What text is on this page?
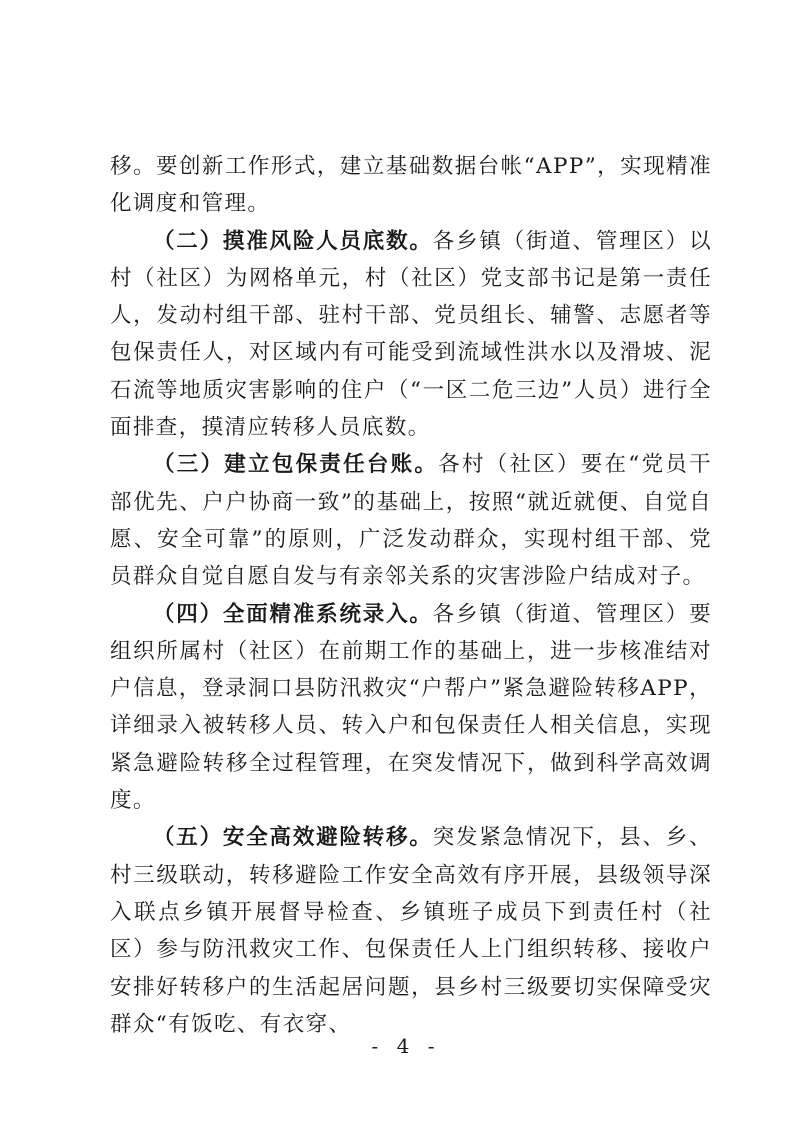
移。要创新工作形式，建立基础数据台帐“APP”，实现精准化调度和管理。

（二）摸准风险人员底数。各乡镇（街道、管理区）以村（社区）为网格单元，村（社区）党支部书记是第一责任人，发动村组干部、驻村干部、党员组长、辅警、志愿者等包保责任人，对区域内有可能受到流域性洪水以及滑坡、泥石流等地质灾害影响的住户（“一区二危三边”人员）进行全面排查，摸清应转移人员底数。

（三）建立包保责任台账。各村（社区）要在“党员干部优先、户户协商一致”的基础上，按照“就近就便、自觉自愿、安全可靠”的原则，广泛发动群众，实现村组干部、党员群众自觉自愿自发与有亲邻关系的灾害涉险户结成对子。

（四）全面精准系统录入。各乡镇（街道、管理区）要组织所属村（社区）在前期工作的基础上，进一步核准结对户信息，登录洞口县防汛救灾“户帮户”紧急避险转移APP，详细录入被转移人员、转入户和包保责任人相关信息，实现紧急避险转移全过程管理，在突发情况下，做到科学高效调度。

（五）安全高效避险转移。突发紧急情况下，县、乡、村三级联动，转移避险工作安全高效有序开展，县级领导深入联点乡镇开展督导检查、乡镇班子成员下到责任村（社区）参与防汛救灾工作、包保责任人上门组织转移、接收户安排好转移户的生活起居问题，县乡村三级要切实保障受灾群众“有饭吃、有衣穿、

- 4 -
